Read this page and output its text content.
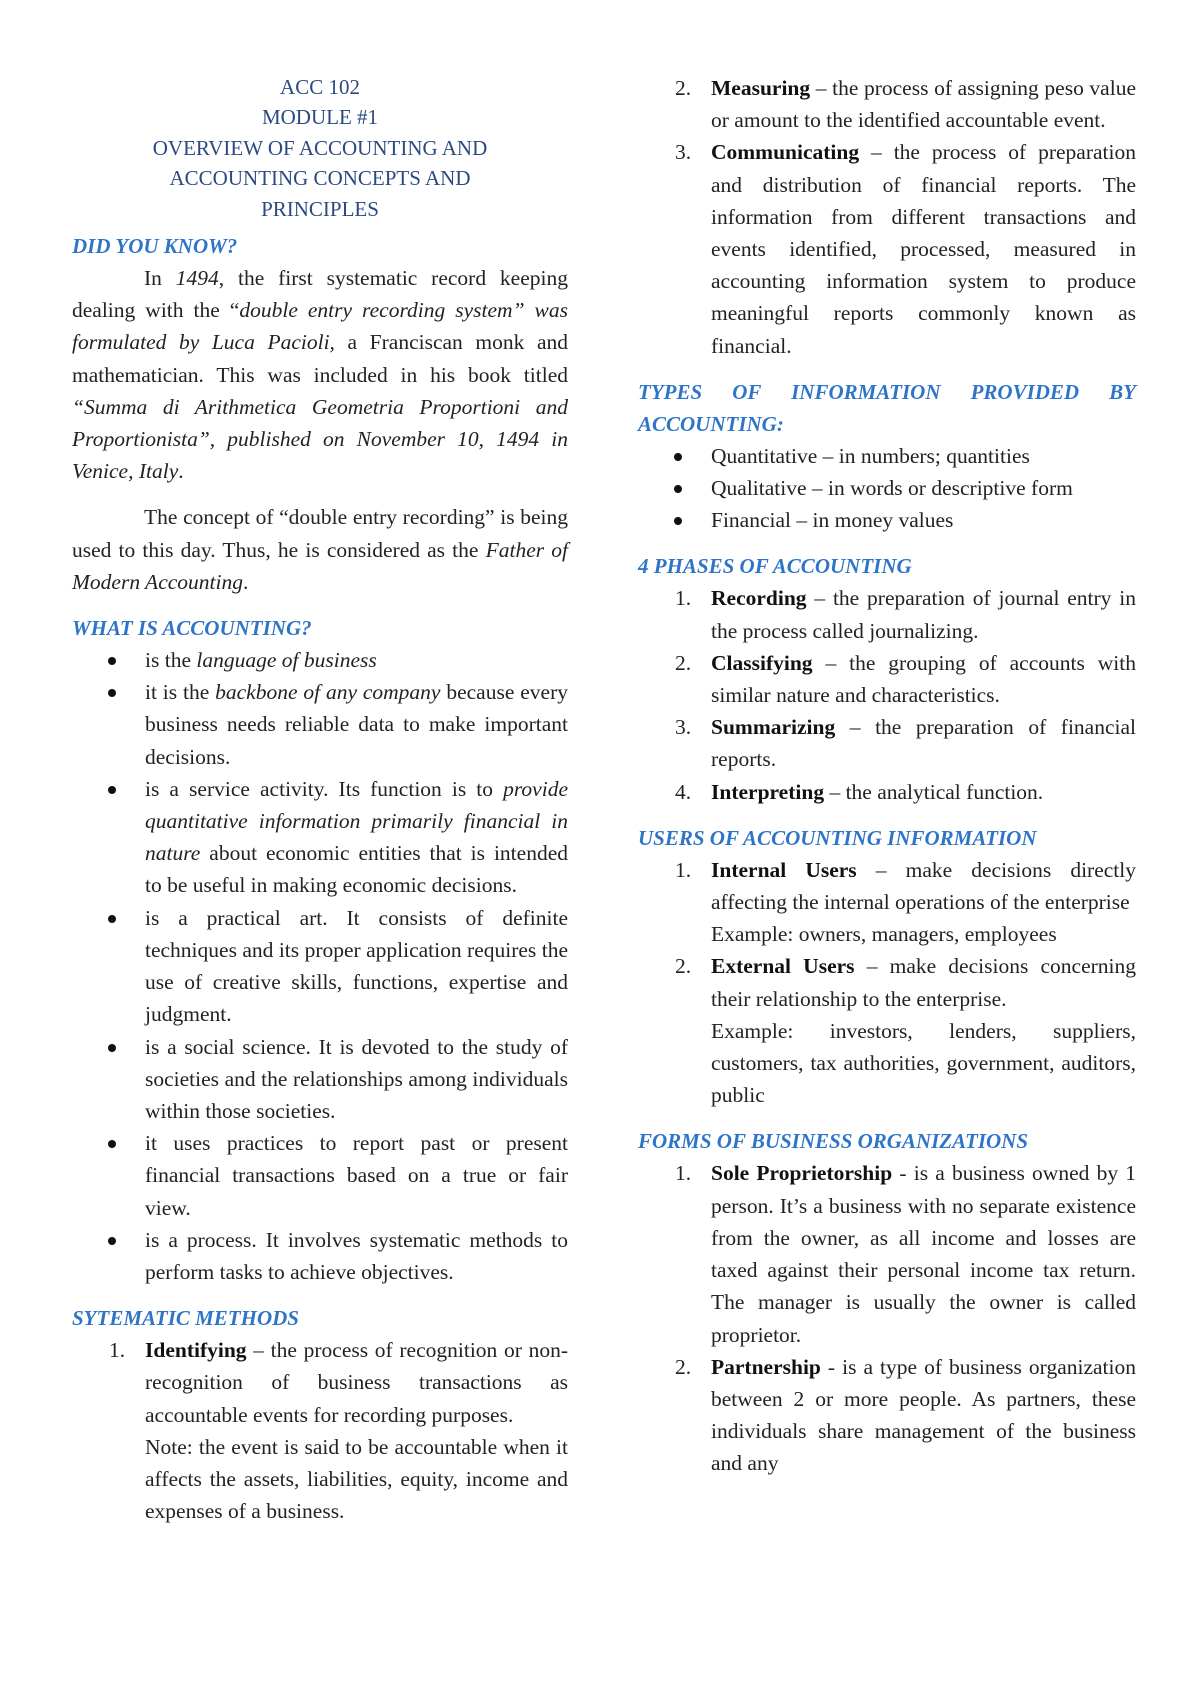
ACC 102
MODULE #1
OVERVIEW OF ACCOUNTING AND
ACCOUNTING CONCEPTS AND
PRINCIPLES
DID YOU KNOW?

In 1494, the first systematic record keeping dealing with the “double entry recording system” was formulated by Luca Pacioli, a Franciscan monk and mathematician. This was included in his book titled “Summa di Arithmetica Geometria Proportioni and Proportionista”, published on November 10, 1494 in Venice, Italy.

The concept of “double entry recording” is being used to this day. Thus, he is considered as the Father of Modern Accounting.

WHAT IS ACCOUNTING?
is the language of business
it is the backbone of any company because every business needs reliable data to make important decisions.
is a service activity. Its function is to provide quantitative information primarily financial in nature about economic entities that is intended to be useful in making economic decisions.
is a practical art. It consists of definite techniques and its proper application requires the use of creative skills, functions, expertise and judgment.
is a social science. It is devoted to the study of societies and the relationships among individuals within those societies.
it uses practices to report past or present financial transactions based on a true or fair view.
is a process. It involves systematic methods to perform tasks to achieve objectives.
SYTEMATIC METHODS
1. Identifying – the process of recognition or non-recognition of business transactions as accountable events for recording purposes.
Note: the event is said to be accountable when it affects the assets, liabilities, equity, income and expenses of a business.
2. Measuring – the process of assigning peso value or amount to the identified accountable event.
3. Communicating – the process of preparation and distribution of financial reports. The information from different transactions and events identified, processed, measured in accounting information system to produce meaningful reports commonly known as financial.
TYPES OF INFORMATION PROVIDED BY ACCOUNTING:
Quantitative – in numbers; quantities
Qualitative – in words or descriptive form
Financial – in money values
4 PHASES OF ACCOUNTING
1. Recording – the preparation of journal entry in the process called journalizing.
2. Classifying – the grouping of accounts with similar nature and characteristics.
3. Summarizing – the preparation of financial reports.
4. Interpreting – the analytical function.
USERS OF ACCOUNTING INFORMATION
1. Internal Users – make decisions directly affecting the internal operations of the enterprise
Example: owners, managers, employees
2. External Users – make decisions concerning their relationship to the enterprise.
Example: investors, lenders, suppliers, customers, tax authorities, government, auditors, public
FORMS OF BUSINESS ORGANIZATIONS
1. Sole Proprietorship - is a business owned by 1 person. It’s a business with no separate existence from the owner, as all income and losses are taxed against their personal income tax return. The manager is usually the owner is called proprietor.
2. Partnership - is a type of business organization between 2 or more people. As partners, these individuals share management of the business and any
